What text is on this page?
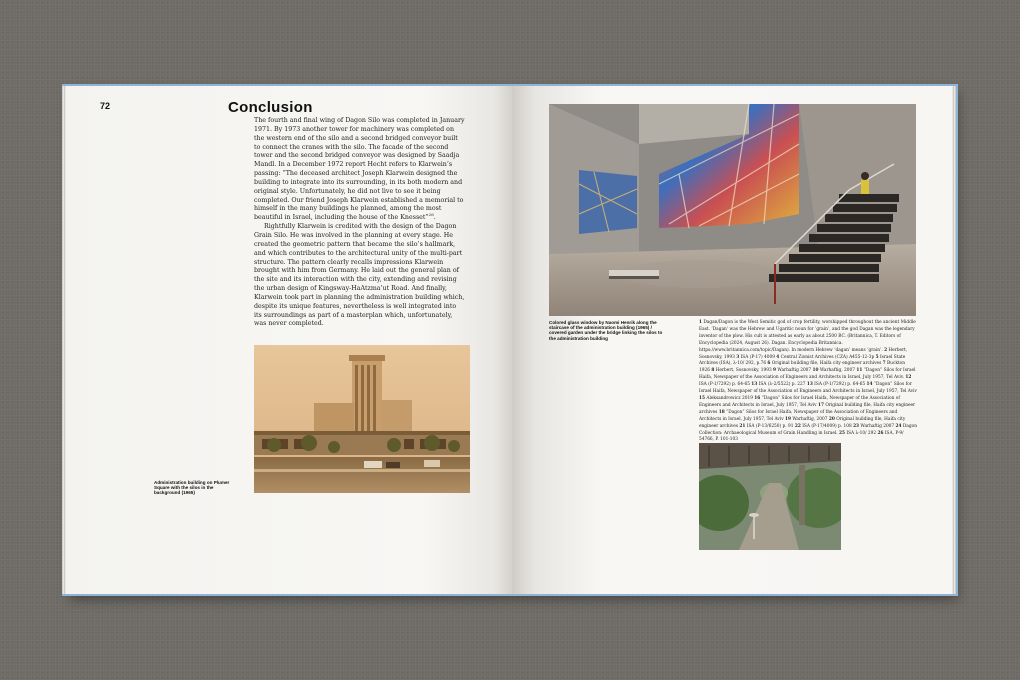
72	Conclusion

The fourth and final wing of Dagon Silo was completed in January 1971. By 1973 another tower for machinery was completed on the western end of the silo and a second bridged conveyor built to connect the cranes with the silo. The facade of the second tower and the second bridged conveyor was designed by Saadja Mandl. In a December 1972 report Hecht refers to Klarwein’s passing: “The deceased architect Joseph Klarwein designed the building to integrate into its surrounding, in its both modern and original style. Unfortunately, he did not live to see it being completed. Our friend Joseph Klarwein established a memorial to himself in the many buildings he planned, among the most beautiful in Israel, including the house of the Knesset”$^{26}$.

Rightfully Klarwein is credited with the design of the Dagon Grain Silo. He was involved in the planning at every stage. He created the geometric pattern that became the silo’s hallmark, and which contributes to the architectural unity of the multi-part structure. The pattern clearly recalls impressions Klarwein brought with him from Germany. He laid out the general plan of the site and its interaction with the city, extending and revising the urban design of Kingsway-HaAtzma’ut Road. And finally, Klarwein took part in planning the administration building which, despite its unique features, nevertheless is well integrated into its surroundings as part of a masterplan which, unfortunately, was never completed.

Administration building on Plumer Square with the silos in the background (1965)
Colored glass window by Naomi Henrik along the staircase of the administration building (1965) / covered garden under the bridge linking the silos to the administration building
1 Dagan/Dagon is the West Semitic god of crop fertility, worshipped throughout the ancient Middle East. ‘Dagan’ was the Hebrew and Ugaritic noun for ‘grain’, and the god Dagan was the legendary inventor of the plow. His cult is attested as early as about 2500 BC. (Britannica, T. Editors of Encyclopedia (2024, August 26). Dagan. Encyclopedia Britannica. https://www.britannica.com/topic/Dagan). In modern Hebrew ‘dagan’ means ‘grain’. 2 Herbert, Sosnovsky, 1993 3 ISA (P-17) 4009 4 Central Zionist Archives (CZA) A455-12-3p 5 Israel State Archives (ISA), λ-10/ 292, p.76 6 Original building file, Haifa city engineer archives 7 Buckton 1926 8 Herbert, Sosnovsky, 1993 9 Warhaftig 2007 10 Warhaftig, 2007 11 “Dagon” Silos for Israel Haifa, Newspaper of the Association of Engineers and Architects in Israel, July 1957, Tel Aviv. 12 ISA (P-1/7292) p. 64-65 13 ISA (λ-2/5522) p. 227 13 ISA (P-1/7292) p. 64-65 14 “Dagon” Silos for Israel Haifa, Newspaper of the Association of Engineers and Architects in Israel, July 1957, Tel Aviv 15 Aleksandrowicz 2019 16 “Dagon” Silos for Israel Haifa, Newspaper of the Association of Engineers and Architects in Israel, July 1957, Tel Aviv 17 Original building file, Haifa city engineer archives 18 “Dagon” Silos for Israel Haifa, Newspaper of the Association of Engineers and Architects in Israel, July 1957, Tel Aviv 19 Warhaftig, 2007 20 Original building file, Haifa city engineer archives 21 ISA (P-13/6250) p. 91 22 ISA (P-17/4009) p. 108 23 Warhaftig 2007 24 Dagon Collection: Archaeological Museum of Grain Handling in Israel. 25 ISA λ-10/ 292 26 ISA, P-9/ 54766, P. 101-103
